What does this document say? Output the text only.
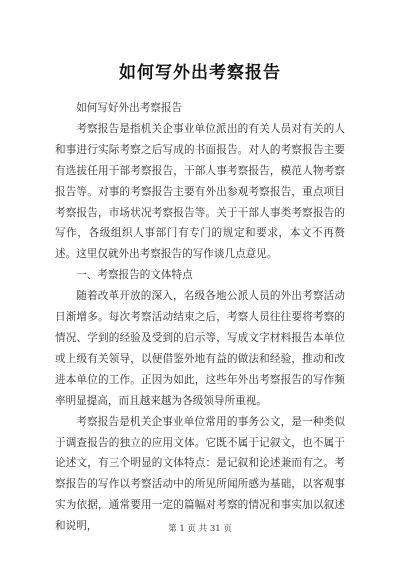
如何写外出考察报告

如何写好外出考察报告

考察报告是指机关企事业单位派出的有关人员对有关的人和事进行实际考察之后写成的书面报告。对人的考察报告主要有选拔任用干部考察报告，干部人事考察报告，模范人物考察报告等。对事的考察报告主要有外出参观考察报告，重点项目考察报告，市场状况考察报告等。关于干部人事类考察报告的写作，各级组织人事部门有专门的规定和要求，本文不再赘述。这里仅就外出考察报告的写作谈几点意见。

一、考察报告的文体特点

随着改革开放的深入，名级各地公派人员的外出考察活动日渐增多。每次考察活动结束之后，考察人员往往要将考察的情况、学到的经验及受到的启示等，写成文字材料报告本单位或上级有关领导，以便借鉴外地有益的做法和经验，推动和改进本单位的工作。正因为如此，这些年外出考察报告的写作频率明显提高，而且越来越为各级领导所重视。

考察报告是机关企事业单位常用的事务公文，是一种类似于调查报告的独立的应用文体。它既不属于记叙文，也不属于论述文，有三个明显的文体特点：是记叙和论述兼而有之。考察报告的写作以考察活动中的所见所闻所感为基础，以客观事实为依据，通常要用一定的篇幅对考察的情况和事实加以叙述和说明，	第 1 页 共 31 页
